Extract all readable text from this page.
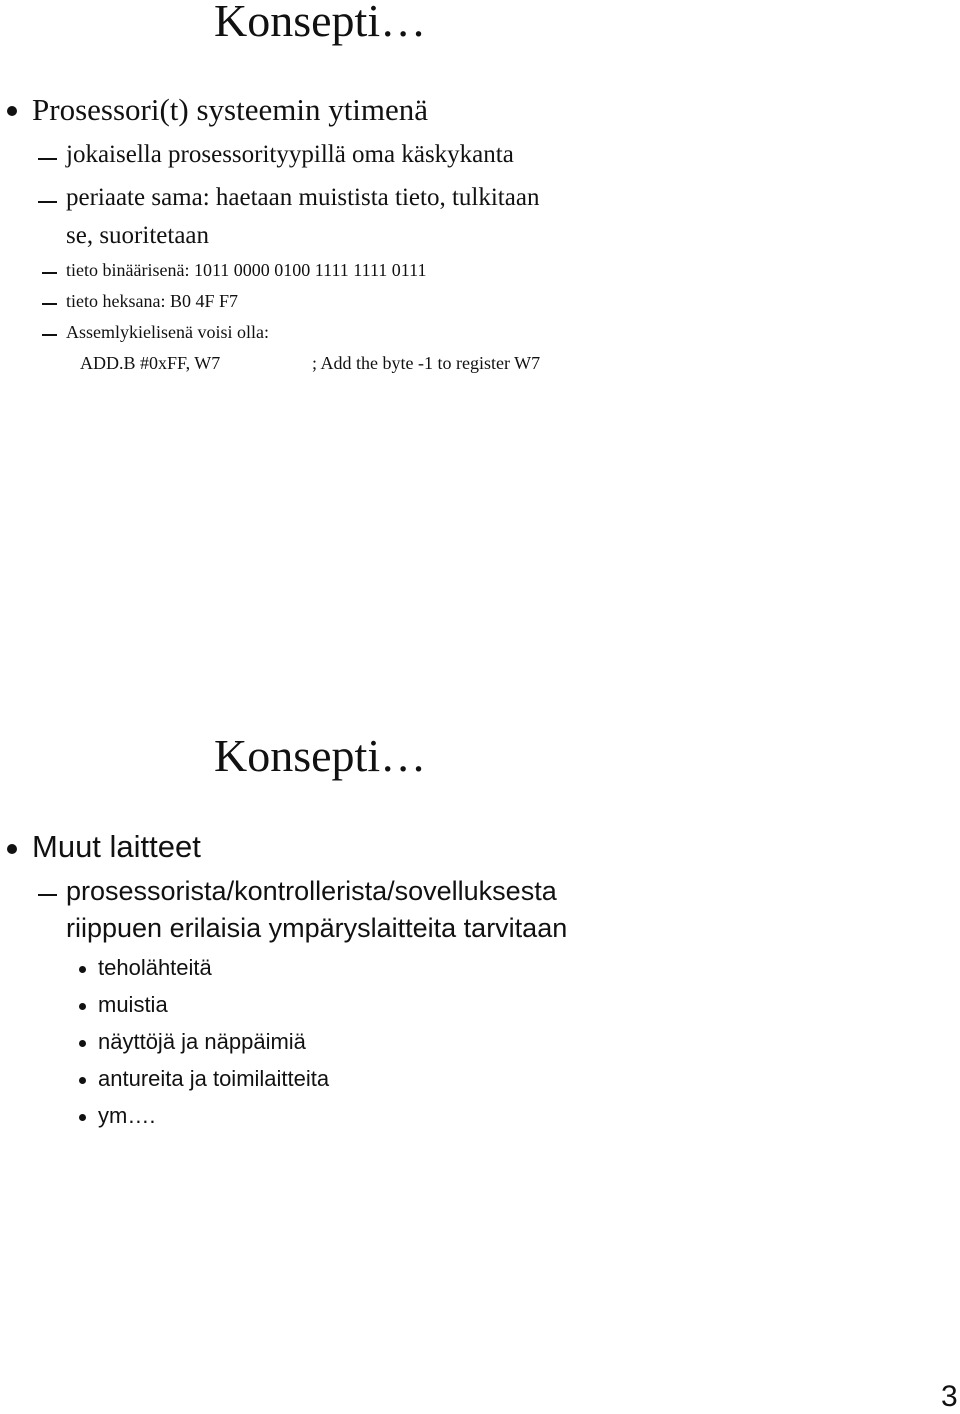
Konsepti…
Prosessori(t) systeemin ytimenä
jokaisella prosessorityypillä oma käskykanta
periaate sama: haetaan muistista tieto, tulkitaan
se, suoritetaan
tieto binäärisenä: 1011 0000 0100 1111 1111 0111
tieto heksana: B0 4F F7
Assemlykielisenä voisi olla:
ADD.B #0xFF, W7	; Add the byte -1 to register W7
Konsepti…
Muut laitteet
prosessorista/kontrollerista/sovelluksesta
riippuen erilaisia ympäryslaitteita tarvitaan
teholähteitä
muistia
näyttöjä ja näppäimiä
antureita ja toimilaitteita
ym….
3
